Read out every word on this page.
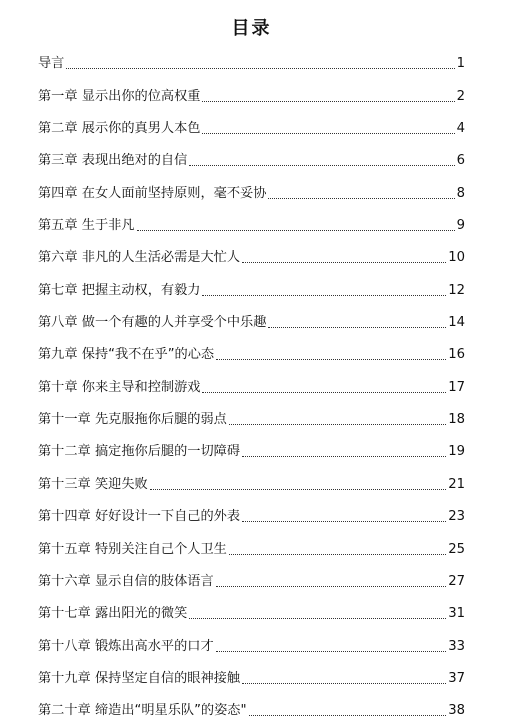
目录
导言	1
第一章 显示出你的位高权重	2
第二章 展示你的真男人本色	4
第三章 表现出绝对的自信	6
第四章 在女人面前坚持原则，毫不妥协	8
第五章 生于非凡	9
第六章 非凡的人生活必需是大忙人	10
第七章 把握主动权，有毅力	12
第八章 做一个有趣的人并享受个中乐趣	14
第九章 保持“我不在乎”的心态	16
第十章 你来主导和控制游戏	17
第十一章 先克服拖你后腿的弱点	18
第十二章 搞定拖你后腿的一切障碍	19
第十三章 笑迎失败	21
第十四章 好好设计一下自己的外表	23
第十五章 特别关注自己个人卫生	25
第十六章 显示自信的肢体语言	27
第十七章 露出阳光的微笑	31
第十八章 锻炼出高水平的口才	33
第十九章 保持坚定自信的眼神接触	37
第二十章 缔造出“明星乐队”的姿态"	38
